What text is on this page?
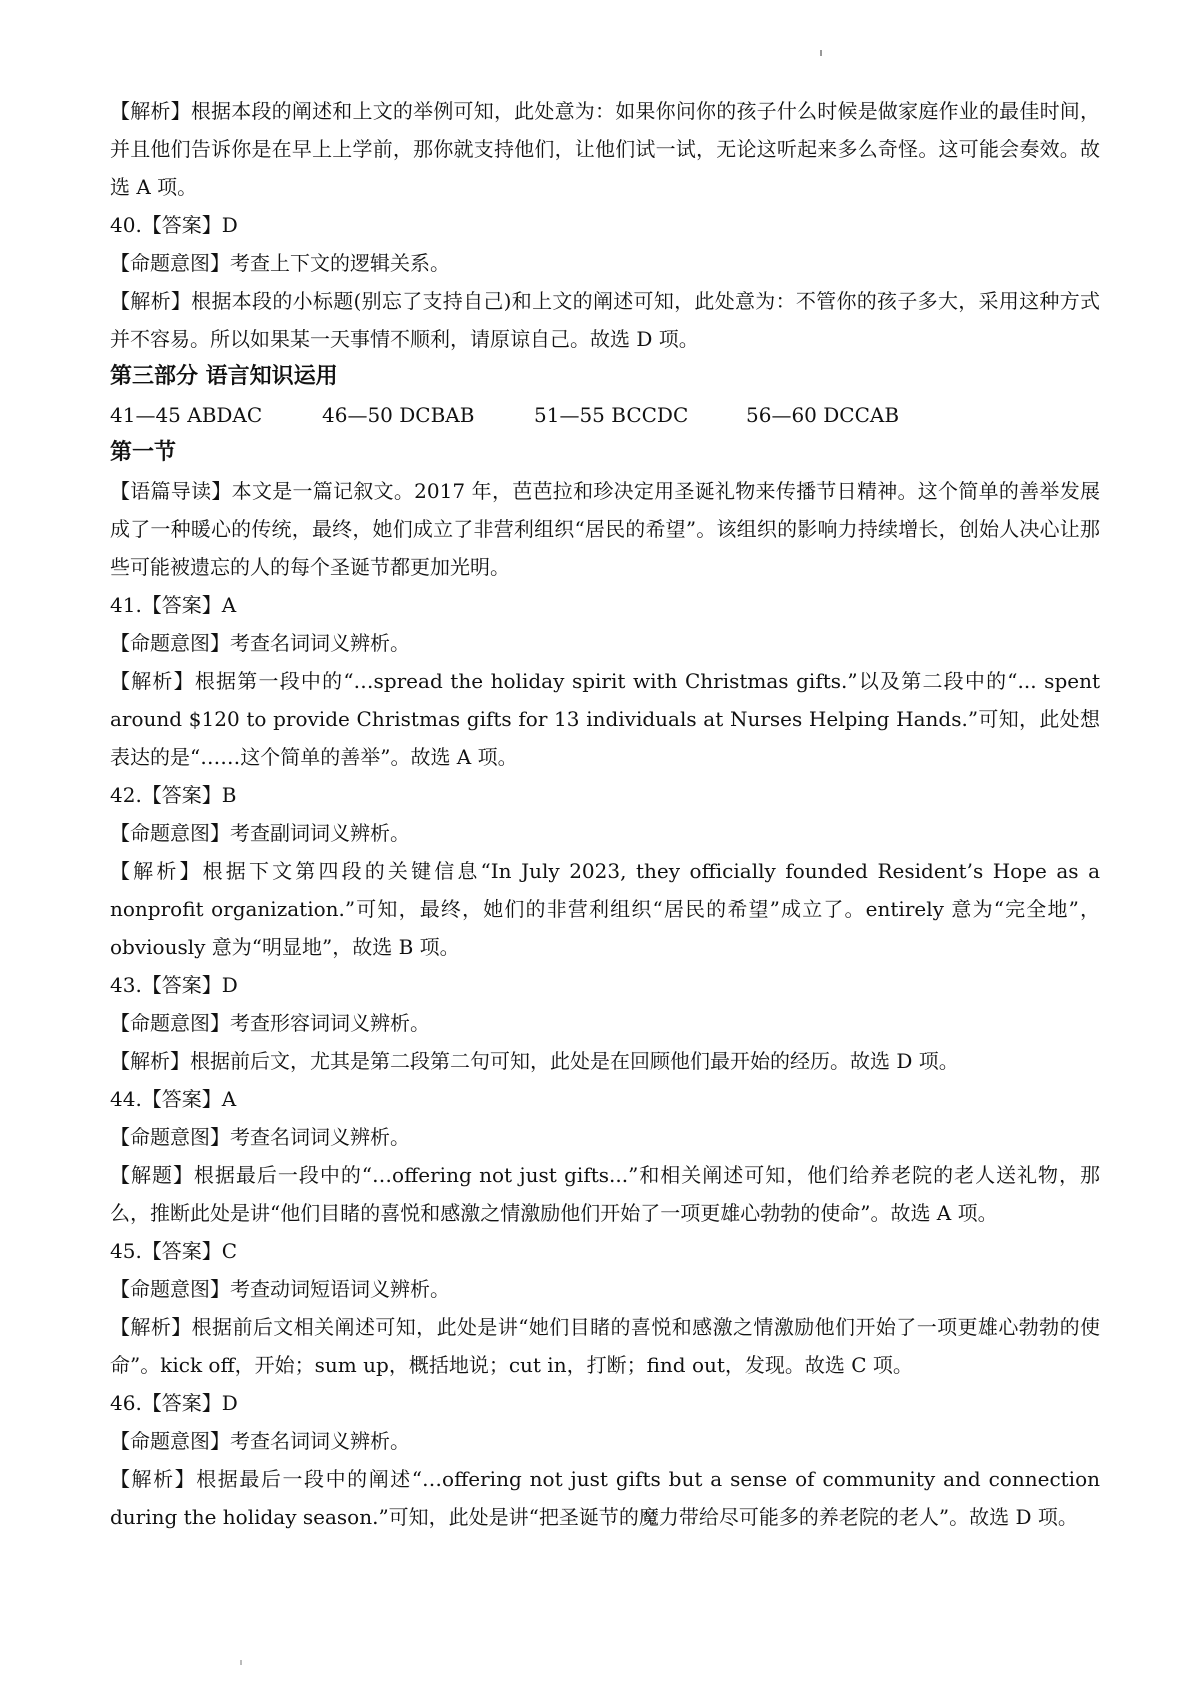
【解析】根据本段的阐述和上文的举例可知，此处意为：如果你问你的孩子什么时候是做家庭作业的最佳时间，并且他们告诉你是在早上上学前，那你就支持他们，让他们试一试，无论这听起来多么奇怪。这可能会奏效。故选 A 项。

40.【答案】D

【命题意图】考查上下文的逻辑关系。

【解析】根据本段的小标题(别忘了支持自己)和上文的阐述可知，此处意为：不管你的孩子多大，采用这种方式并不容易。所以如果某一天事情不顺利，请原谅自己。故选 D 项。

第三部分 语言知识运用

41—45 ABDAC	46—50 DCBAB	51—55 BCCDC	56—60 DCCAB

第一节

【语篇导读】本文是一篇记叙文。2017 年，芭芭拉和珍决定用圣诞礼物来传播节日精神。这个简单的善举发展成了一种暖心的传统，最终，她们成立了非营利组织“居民的希望”。该组织的影响力持续增长，创始人决心让那些可能被遗忘的人的每个圣诞节都更加光明。

41.【答案】A

【命题意图】考查名词词义辨析。

【解析】根据第一段中的“…spread the holiday spirit with Christmas gifts.”以及第二段中的“... spent around $120 to provide Christmas gifts for 13 individuals at Nurses Helping Hands.”可知，此处想表达的是“……这个简单的善举”。故选 A 项。

42.【答案】B

【命题意图】考查副词词义辨析。

【解析】根据下文第四段的关键信息“In July 2023, they officially founded Resident’s Hope as a nonprofit organization.”可知，最终，她们的非营利组织“居民的希望”成立了。entirely 意为“完全地”， obviously 意为“明显地”，故选 B 项。

43.【答案】D

【命题意图】考查形容词词义辨析。

【解析】根据前后文，尤其是第二段第二句可知，此处是在回顾他们最开始的经历。故选 D 项。

44.【答案】A

【命题意图】考查名词词义辨析。

【解题】根据最后一段中的“…offering not just gifts...”和相关阐述可知，他们给养老院的老人送礼物，那么，推断此处是讲“他们目睹的喜悦和感激之情激励他们开始了一项更雄心勃勃的使命”。故选 A 项。

45.【答案】C

【命题意图】考查动词短语词义辨析。

【解析】根据前后文相关阐述可知，此处是讲“她们目睹的喜悦和感激之情激励他们开始了一项更雄心勃勃的使命”。kick off，开始；sum up，概括地说；cut in，打断；find out，发现。故选 C 项。

46.【答案】D

【命题意图】考查名词词义辨析。

【解析】根据最后一段中的阐述“…offering not just gifts but a sense of community and connection during the holiday season.”可知，此处是讲“把圣诞节的魔力带给尽可能多的养老院的老人”。故选 D 项。
